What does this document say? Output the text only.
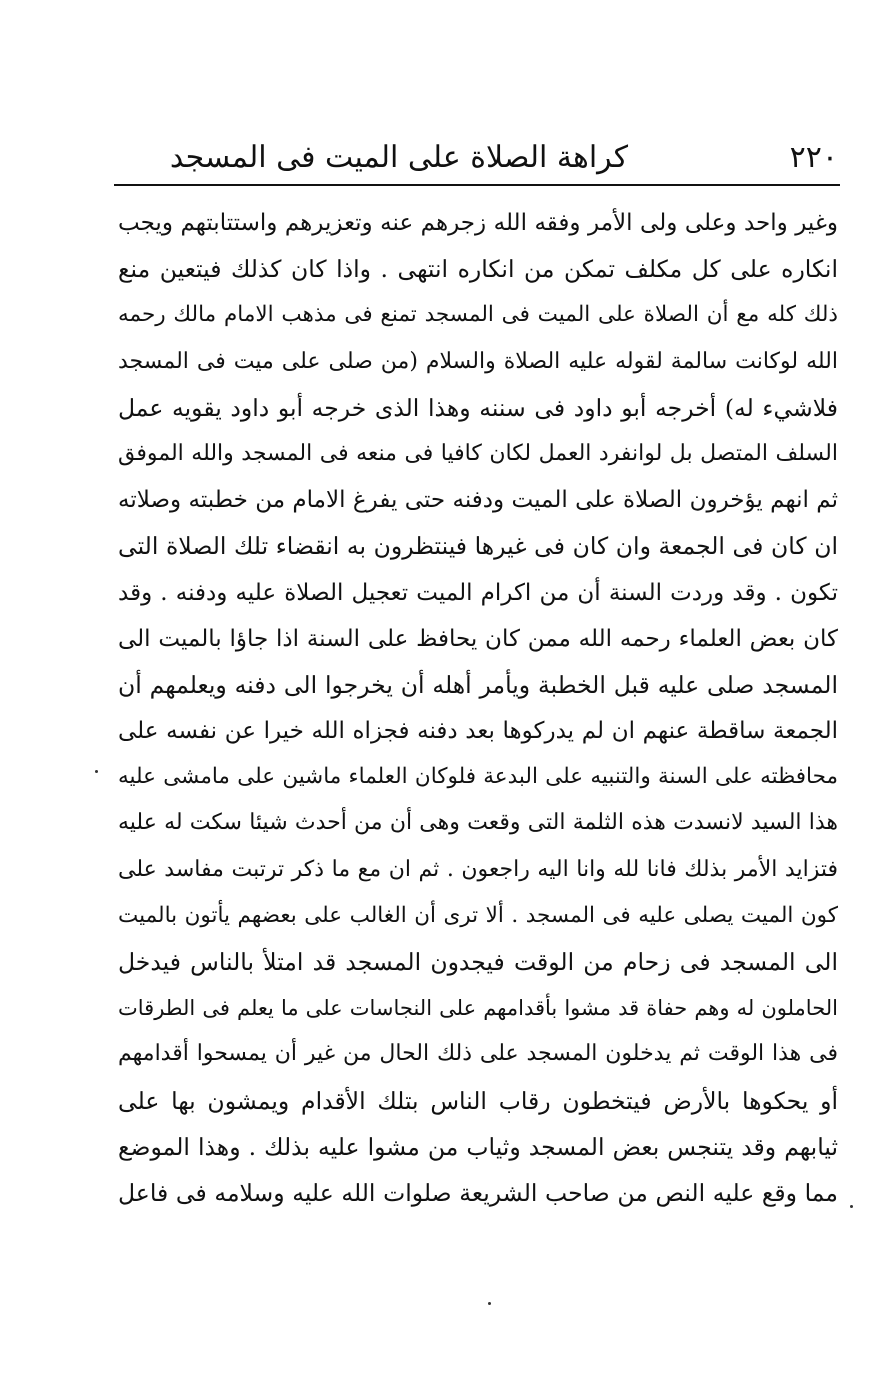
٢٢٠
كراهة الصلاة على الميت فى المسجد
وغير واحد وعلى ولى الأمر وفقه الله زجرهم عنه وتعزيرهم واستتابتهم ويجب
انكاره على كل مكلف تمكن من انكاره انتهى . واذا كان كذلك فيتعين منع
ذلك كله مع أن الصلاة على الميت فى المسجد تمنع فى مذهب الامام مالك رحمه
الله لوكانت سالمة لقوله عليه الصلاة والسلام (من صلى على ميت فى المسجد
فلاشيء له) أخرجه أبو داود فى سننه وهذا الذى خرجه أبو داود يقويه عمل
السلف المتصل بل لوانفرد العمل لكان كافيا فى منعه فى المسجد والله الموفق
ثم انهم يؤخرون الصلاة على الميت ودفنه حتى يفرغ الامام من خطبته وصلاته
ان كان فى الجمعة وان كان فى غيرها فينتظرون به انقضاء تلك الصلاة التى
تكون . وقد وردت السنة أن من اكرام الميت تعجيل الصلاة عليه ودفنه . وقد
كان بعض العلماء رحمه الله ممن كان يحافظ على السنة اذا جاؤا بالميت الى
المسجد صلى عليه قبل الخطبة ويأمر أهله أن يخرجوا الى دفنه ويعلمهم أن
الجمعة ساقطة عنهم ان لم يدركوها بعد دفنه فجزاه الله خيرا عن نفسه على
محافظته على السنة والتنبيه على البدعة فلوكان العلماء ماشين على مامشى عليه
هذا السيد لانسدت هذه الثلمة التى وقعت وهى أن من أحدث شيئا سكت له عليه
فتزايد الأمر بذلك فانا لله وانا اليه راجعون . ثم ان مع ما ذكر ترتبت مفاسد على
كون الميت يصلى عليه فى المسجد . ألا ترى أن الغالب على بعضهم يأتون بالميت
الى المسجد فى زحام من الوقت فيجدون المسجد قد امتلأ بالناس فيدخل
الحاملون له وهم حفاة قد مشوا بأقدامهم على النجاسات على ما يعلم فى الطرقات
فى هذا الوقت ثم يدخلون المسجد على ذلك الحال من غير أن يمسحوا أقدامهم
أو يحكوها بالأرض فيتخطون رقاب الناس بتلك الأقدام ويمشون بها على
ثيابهم وقد يتنجس بعض المسجد وثياب من مشوا عليه بذلك . وهذا الموضع
مما وقع عليه النص من صاحب الشريعة صلوات الله عليه وسلامه فى فاعل
